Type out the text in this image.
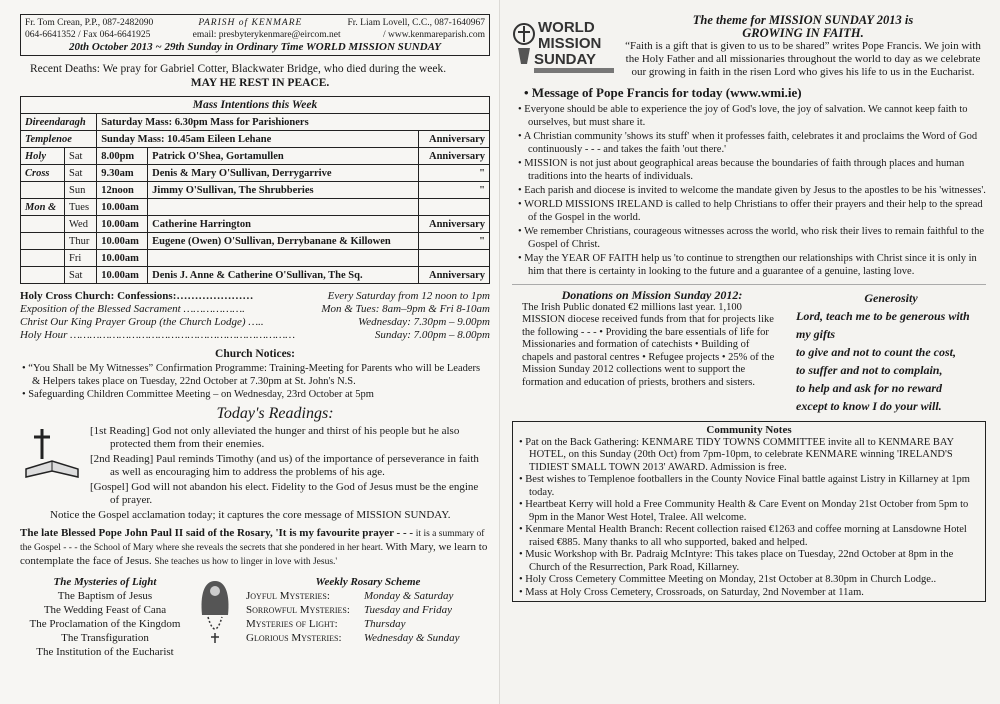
Fr. Tom Crean, P.P., 087-2482090	PARISH of KENMARE	Fr. Liam Lovell, C.C., 087-1640967
064-6641352 / Fax 064-6641925	email: presbyterykenmare@eircom.net	/ www.kenmareparish.com
20th October 2013 ~ 29th Sunday in Ordinary Time WORLD MISSION SUNDAY
Recent Deaths: We pray for Gabriel Cotter, Blackwater Bridge, who died during the week.
MAY HE REST IN PEACE.
Mass Intentions this Week				
Direendaragh		Saturday Mass: 6.30pm Mass for Parishioners		
Templenoe		Sunday Mass: 10.45am Eileen Lehane		Anniversary
Holy	Sat	8.00pm	Patrick O'Shea, Gortamullen	Anniversary
Cross	Sat	9.30am	Denis & Mary O'Sullivan, Derrygarrive	"
	Sun	12noon	Jimmy O'Sullivan, The Shrubberies	"
Mon &	Tues	10.00am		
	Wed	10.00am	Catherine Harrington	Anniversary
	Thur	10.00am	Eugene (Owen) O'Sullivan, Derrybanane & Killowen	"
	Fri	10.00am		
	Sat	10.00am	Denis J. Anne & Catherine O'Sullivan, The Sq.	Anniversary
Holy Cross Church: Confessions:…………………	Every Saturday from 12 noon to 1pm
Exposition of the Blessed Sacrament ……………….	Mon & Tues: 8am–9pm & Fri 8-10am
Christ Our King Prayer Group (the Church Lodge) …..	Wednesday: 7.30pm – 9.00pm
Holy Hour ……………………………………………………………	Sunday: 7.00pm – 8.00pm
Church Notices:
• “You Shall be My Witnesses” Confirmation Programme: Training-Meeting for Parents who will be Leaders & Helpers takes place on Tuesday, 22nd October at 7.30pm at St. John's N.S.
• Safeguarding Children Committee Meeting – on Wednesday, 23rd October at 5pm
Today's Readings:

[1st Reading] God not only alleviated the hunger and thirst of his people but he also protected them from their enemies.

[2nd Reading] Paul reminds Timothy (and us) of the importance of perseverance in faith as well as encouraging him to address the problems of his age.

[Gospel] God will not abandon his elect. Fidelity to the God of Jesus must be the engine of prayer.

Notice the Gospel acclamation today; it captures the core message of MISSION SUNDAY.
The late Blessed Pope John Paul II said of the Rosary, 'It is my favourite prayer - - - it is a summary of the Gospel - - - the School of Mary where she reveals the secrets that she pondered in her heart. With Mary, we learn to contemplate the face of Jesus. She teaches us how to linger in love with Jesus.'
The Mysteries of Light
The Baptism of Jesus
The Wedding Feast of Cana
The Proclamation of the Kingdom
The Transfiguration
The Institution of the Eucharist
Weekly Rosary Scheme
Joyful Mysteries:	Monday & Saturday
Sorrowful Mysteries:	Tuesday and Friday
Mysteries of Light:	Thursday
Glorious Mysteries:	Wednesday & Sunday
WORLD
MISSION
SUNDAY
The theme for MISSION SUNDAY 2013 is
GROWING IN FAITH.
“Faith is a gift that is given to us to be shared” writes Pope Francis. We join with the Holy Father and all missionaries throughout the world to day as we celebrate our growing in faith in the risen Lord who gives his life to us in the Eucharist.
• Message of Pope Francis for today (www.wmi.ie)
• Everyone should be able to experience the joy of God's love, the joy of salvation. We cannot keep faith to ourselves, but must share it.
• A Christian community 'shows its stuff' when it professes faith, celebrates it and proclaims the Word of God continuously - - - and takes the faith 'out there.'
• MISSION is not just about geographical areas because the boundaries of faith through places and human traditions into the hearts of individuals.
• Each parish and diocese is invited to welcome the mandate given by Jesus to the apostles to be his 'witnesses'.
• WORLD MISSIONS IRELAND is called to help Christians to offer their prayers and their help to the spread of the Gospel in the world.
• We remember Christians, courageous witnesses across the world, who risk their lives to remain faithful to the Gospel of Christ.
• May the YEAR OF FAITH help us 'to continue to strengthen our relationships with Christ since it is only in him that there is certainty in looking to the future and a guarantee of a genuine, lasting love.
Donations on Mission Sunday 2012:
The Irish Public donated €2 millions last year. 1,100 MISSION diocese received funds from that for projects like the following - - - • Providing the bare essentials of life for Missionaries and formation of catechists • Building of chapels and pastoral centres • Refugee projects • 25% of the Mission Sunday 2012 collections went to support the formation and education of priests, brothers and sisters.
Generosity
Lord, teach me to be generous with my gifts
to give and not to count the cost,
to suffer and not to complain,
to help and ask for no reward
except to know I do your will.
Community Notes
• Pat on the Back Gathering: KENMARE TIDY TOWNS COMMITTEE invite all to KENMARE BAY HOTEL, on this Sunday (20th Oct) from 7pm-10pm, to celebrate KENMARE winning 'IRELAND'S TIDIEST SMALL TOWN 2013' AWARD. Admission is free.
• Best wishes to Templenoe footballers in the County Novice Final battle against Listry in Killarney at 1pm today.
• Heartbeat Kerry will hold a Free Community Health & Care Event on Monday 21st October from 5pm to 9pm in the Manor West Hotel, Tralee. All welcome.
• Kenmare Mental Health Branch: Recent collection raised €1263 and coffee morning at Lansdowne Hotel raised €885. Many thanks to all who supported, baked and helped.
• Music Workshop with Br. Padraig McIntyre: This takes place on Tuesday, 22nd October at 8pm in the Church of the Resurrection, Park Road, Killarney.
• Holy Cross Cemetery Committee Meeting on Monday, 21st October at 8.30pm in Church Lodge..
• Mass at Holy Cross Cemetery, Crossroads, on Saturday, 2nd November at 11am.
